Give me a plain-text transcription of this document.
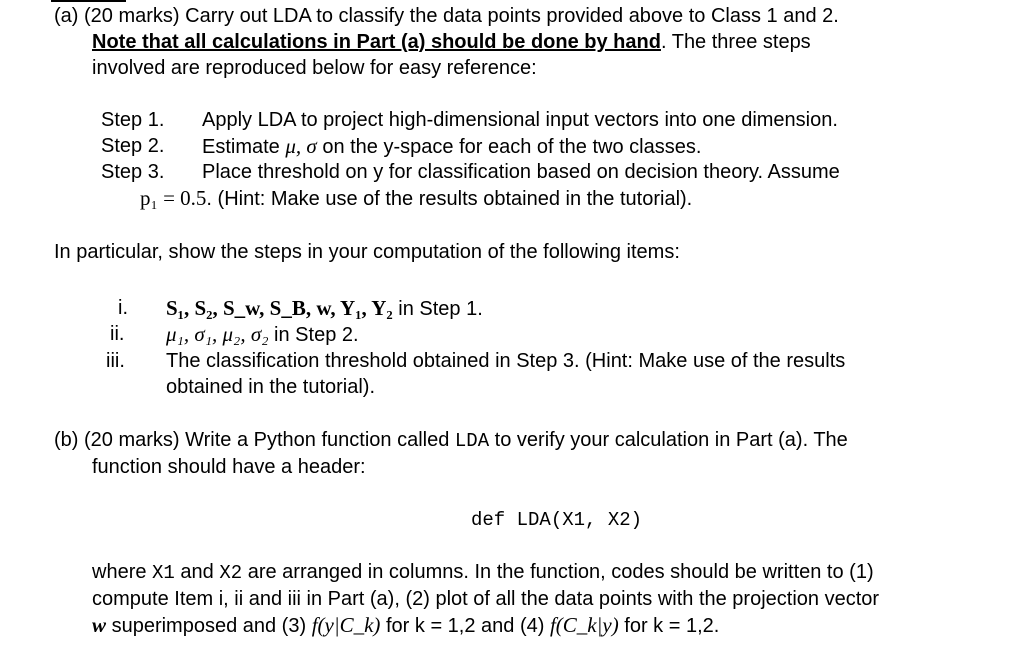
(a) (20 marks) Carry out LDA to classify the data points provided above to Class 1 and 2.
Note that all calculations in Part (a) should be done by hand. The three steps
involved are reproduced below for easy reference:
Step 1. Apply LDA to project high-dimensional input vectors into one dimension.
Step 2. Estimate μ, σ on the y-space for each of the two classes.
Step 3. Place threshold on y for classification based on decision theory. Assume
p₁ = 0.5. (Hint: Make use of the results obtained in the tutorial).
In particular, show the steps in your computation of the following items:
i. S₁, S₂, S_w, S_B, w, Y₁, Y₂ in Step 1.
ii. μ₁, σ₁, μ₂, σ₂ in Step 2.
iii. The classification threshold obtained in Step 3. (Hint: Make use of the results
obtained in the tutorial).
(b) (20 marks) Write a Python function called LDA to verify your calculation in Part (a). The
function should have a header:
def LDA(X1, X2)
where X1 and X2 are arranged in columns. In the function, codes should be written to (1)
compute Item i, ii and iii in Part (a), (2) plot of all the data points with the projection vector
w superimposed and (3) f(y|C_k) for k = 1,2 and (4) f(C_k|y) for k = 1,2.
